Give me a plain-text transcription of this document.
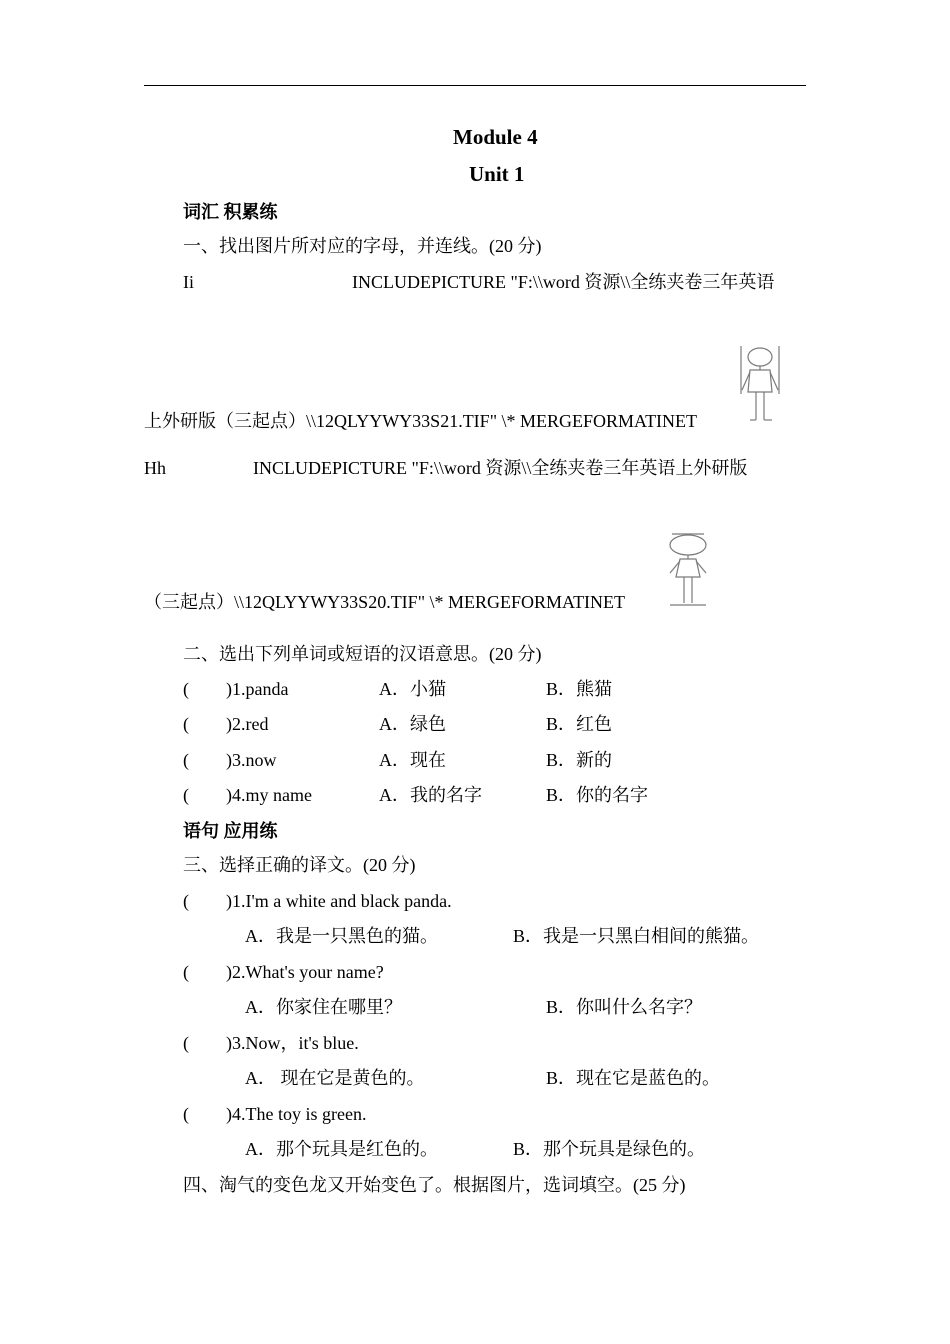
Module 4
Unit 1
词汇 积累练
一、找出图片所对应的字母，并连线。(20 分)
Ii	INCLUDEPICTURE "F:\\word 资源\\全练夹卷三年英语
上外研版（三起点）\\12QLYYWY33S21.TIF" \* MERGEFORMATINET
Hh	INCLUDEPICTURE "F:\\word 资源\\全练夹卷三年英语上外研版
（三起点）\\12QLYYWY33S20.TIF" \* MERGEFORMATINET
二、选出下列单词或短语的汉语意思。(20 分)
( )1.panda	A．小猫	B．熊猫
( )2.red	A．绿色	B．红色
( )3.now	A．现在	B．新的
( )4.my name	A．我的名字	B．你的名字
语句 应用练
三、选择正确的译文。(20 分)
( )1.I'm a white and black panda.
A．我是一只黑色的猫。	B．我是一只黑白相间的熊猫。
( )2.What's your name?
A．你家住在哪里？	B．你叫什么名字？
( )3.Now，it's blue.
A． 现在它是黄色的。	B．现在它是蓝色的。
( )4.The toy is green.
A．那个玩具是红色的。	B．那个玩具是绿色的。
四、淘气的变色龙又开始变色了。根据图片，选词填空。(25 分)
